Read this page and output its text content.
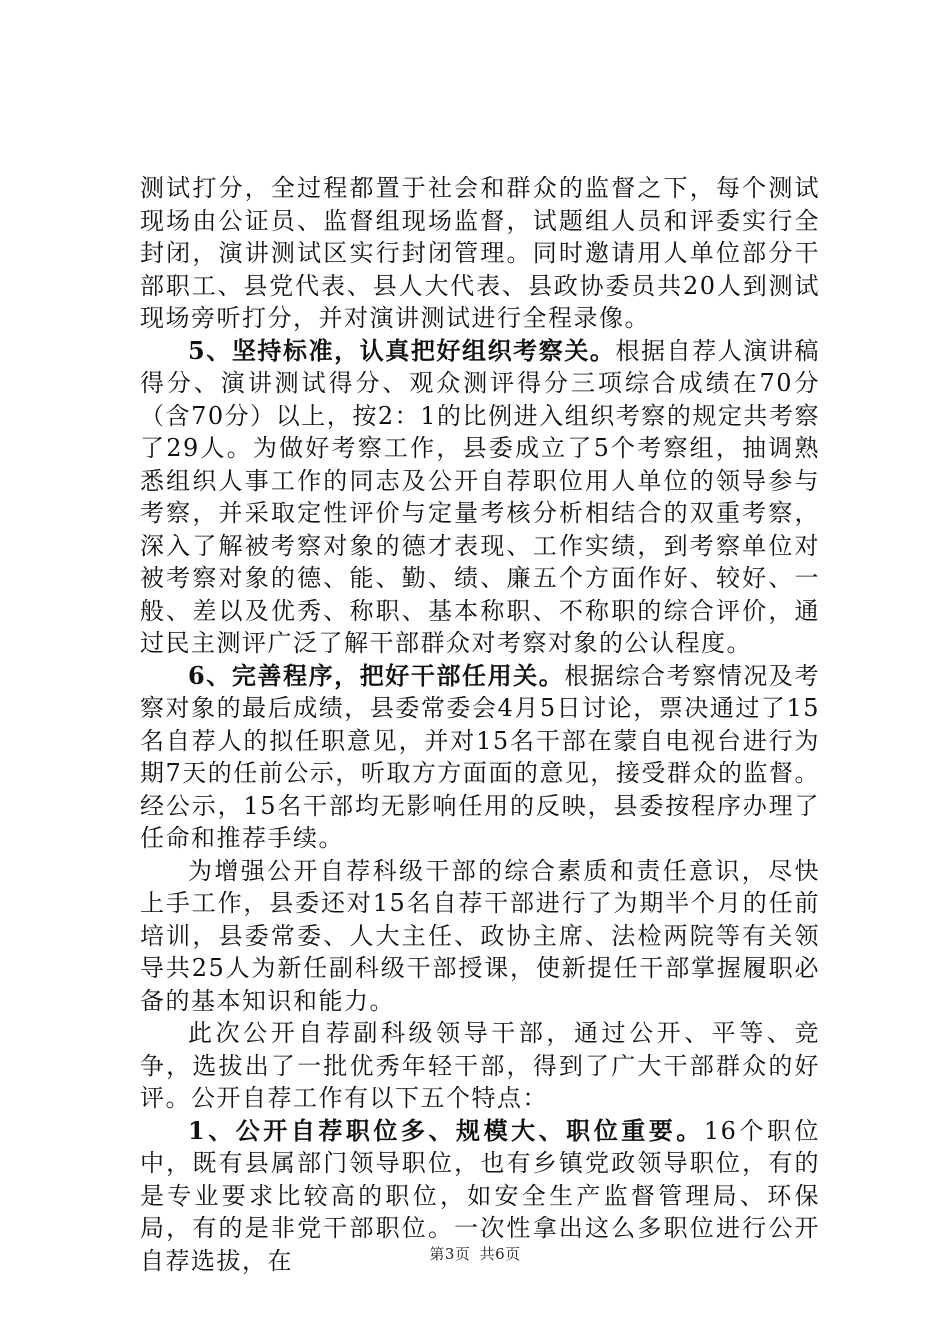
测试打分，全过程都置于社会和群众的监督之下，每个测试现场由公证员、监督组现场监督，试题组人员和评委实行全封闭，演讲测试区实行封闭管理。同时邀请用人单位部分干部职工、县党代表、县人大代表、县政协委员共20人到测试现场旁听打分，并对演讲测试进行全程录像。

5、坚持标准，认真把好组织考察关。根据自荐人演讲稿得分、演讲测试得分、观众测评得分三项综合成绩在70分（含70分）以上，按2：1的比例进入组织考察的规定共考察了29人。为做好考察工作，县委成立了5个考察组，抽调熟悉组织人事工作的同志及公开自荐职位用人单位的领导参与考察，并采取定性评价与定量考核分析相结合的双重考察，深入了解被考察对象的德才表现、工作实绩，到考察单位对被考察对象的德、能、勤、绩、廉五个方面作好、较好、一般、差以及优秀、称职、基本称职、不称职的综合评价，通过民主测评广泛了解干部群众对考察对象的公认程度。

6、完善程序，把好干部任用关。根据综合考察情况及考察对象的最后成绩，县委常委会4月5日讨论，票决通过了15名自荐人的拟任职意见，并对15名干部在蒙自电视台进行为期7天的任前公示，听取方方面面的意见，接受群众的监督。经公示，15名干部均无影响任用的反映，县委按程序办理了任命和推荐手续。

为增强公开自荐科级干部的综合素质和责任意识，尽快上手工作，县委还对15名自荐干部进行了为期半个月的任前培训，县委常委、人大主任、政协主席、法检两院等有关领导共25人为新任副科级干部授课，使新提任干部掌握履职必备的基本知识和能力。

此次公开自荐副科级领导干部，通过公开、平等、竞争，选拔出了一批优秀年轻干部，得到了广大干部群众的好评。公开自荐工作有以下五个特点：

1、公开自荐职位多、规模大、职位重要。16个职位中，既有县属部门领导职位，也有乡镇党政领导职位，有的是专业要求比较高的职位，如安全生产监督管理局、环保局，有的是非党干部职位。一次性拿出这么多职位进行公开自荐选拔，在	第3页 共6页
